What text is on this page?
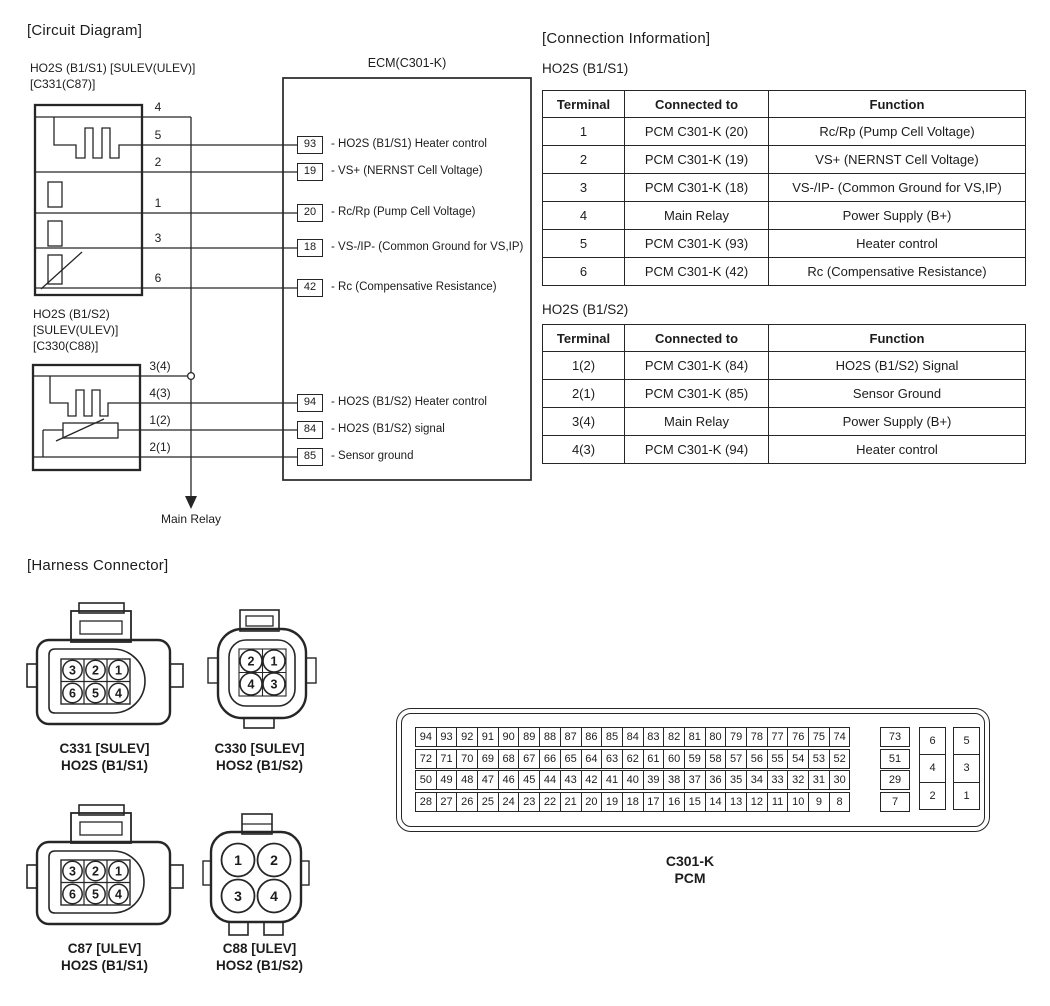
[Circuit Diagram]
HO2S (B1/S1) [SULEV(ULEV)]
[C331(C87)]
HO2S (B1/S2)
[SULEV(ULEV)]
[C330(C88)]
ECM(C301-K)
4
5
2
1
3
6
3(4)
4(3)
1(2)
2(1)
93	- HO2S (B1/S1) Heater control
19	- VS+ (NERNST Cell Voltage)
20	- Rc/Rp (Pump Cell Voltage)
18	- VS-/IP- (Common Ground for VS,IP)
42	- Rc (Compensative Resistance)
94	- HO2S (B1/S2) Heater control
84	- HO2S (B1/S2) signal
85	- Sensor ground
Main Relay
[Connection Information]
HO2S (B1/S1)
Terminal	Connected to	Function
1	PCM C301-K (20)	Rc/Rp (Pump Cell Voltage)
2	PCM C301-K (19)	VS+ (NERNST Cell Voltage)
3	PCM C301-K (18)	VS-/IP- (Common Ground for VS,IP)
4	Main Relay	Power Supply (B+)
5	PCM C301-K (93)	Heater control
6	PCM C301-K (42)	Rc (Compensative Resistance)
HO2S (B1/S2)
Terminal	Connected to	Function
1(2)	PCM C301-K (84)	HO2S (B1/S2) Signal
2(1)	PCM C301-K (85)	Sensor Ground
3(4)	Main Relay	Power Supply (B+)
4(3)	PCM C301-K (94)	Heater control
[Harness Connector]
3 2 1
6 5 4
2 1
4 3
3 2 1
6 5 4
1 2
3 4
C331 [SULEV]
HO2S (B1/S1)
C330 [SULEV]
HOS2 (B1/S2)
C87 [ULEV]
HO2S (B1/S1)
C88 [ULEV]
HOS2 (B1/S2)
94 93 92 91 90 89 88 87 86 85 84 83 82 81 80 79 78 77 76 75 74
72 71 70 69 68 67 66 65 64 63 62 61 60 59 58 57 56 55 54 53 52
50 49 48 47 46 45 44 43 42 41 40 39 38 37 36 35 34 33 32 31 30
28 27 26 25 24 23 22 21 20 19 18 17 16 15 14 13 12 11 10	9	8
73
51
29
7
6
4
2
5
3
1
C301-K
PCM
